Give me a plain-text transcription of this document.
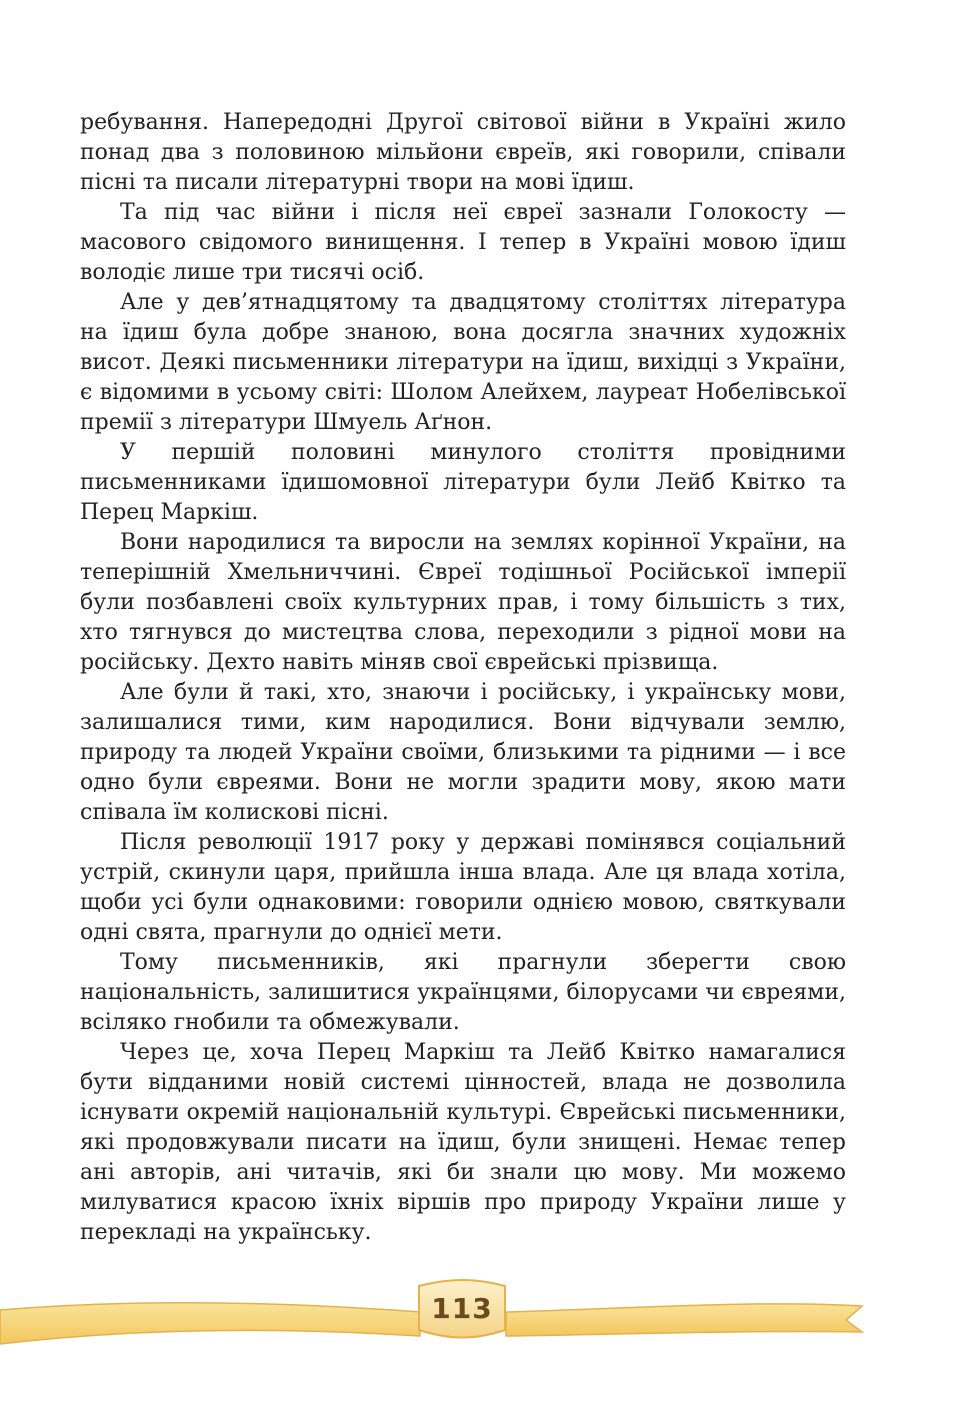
ребування. Напередодні Другої світової війни в Україні жило понад два з половиною мільйони євреїв, які говорили, співали пісні та писали літературні твори на мові їдиш.

Та під час війни і після неї євреї зазнали Голокосту — масового свідомого винищення. І тепер в Україні мовою їдиш володіє лише три тисячі осіб.

Але у дев’ятнадцятому та двадцятому століттях література на їдиш була добре знаною, вона досягла значних художніх висот. Деякі письменники літератури на їдиш, вихідці з України, є відомими в усьому світі: Шолом Алейхем, лауреат Нобелівської премії з літератури Шмуель Аґнон.

У першій половині минулого століття провідними письменниками їдишомовної літератури були Лейб Квітко та Перец Маркіш.

Вони народилися та виросли на землях корінної України, на теперішній Хмельниччині. Євреї тодішньої Російської імперії були позбавлені своїх культурних прав, і тому більшість з тих, хто тягнувся до мистецтва слова, переходили з рідної мови на російську. Дехто навіть міняв свої єврейські прізвища.

Але були й такі, хто, знаючи і російську, і українську мови, залишалися тими, ким народилися. Вони відчували землю, природу та людей України своїми, близькими та рідними — і все одно були євреями. Вони не могли зрадити мову, якою мати співала їм колискові пісні.

Після революції 1917 року у державі помінявся соціальний устрій, скинули царя, прийшла інша влада. Але ця влада хотіла, щоби усі були однаковими: говорили однією мовою, святкували одні свята, прагнули до однієї мети.

Тому письменників, які прагнули зберегти свою національність, залишитися українцями, білорусами чи євреями, всіляко гнобили та обмежували.

Через це, хоча Перец Маркіш та Лейб Квітко намагалися бути відданими новій системі цінностей, влада не дозволила існувати окремій національній культурі. Єврейські письменники, які продовжували писати на їдиш, були знищені. Немає тепер ані авторів, ані читачів, які би знали цю мову. Ми можемо милуватися красою їхніх віршів про природу України лише у перекладі на українську.

113
